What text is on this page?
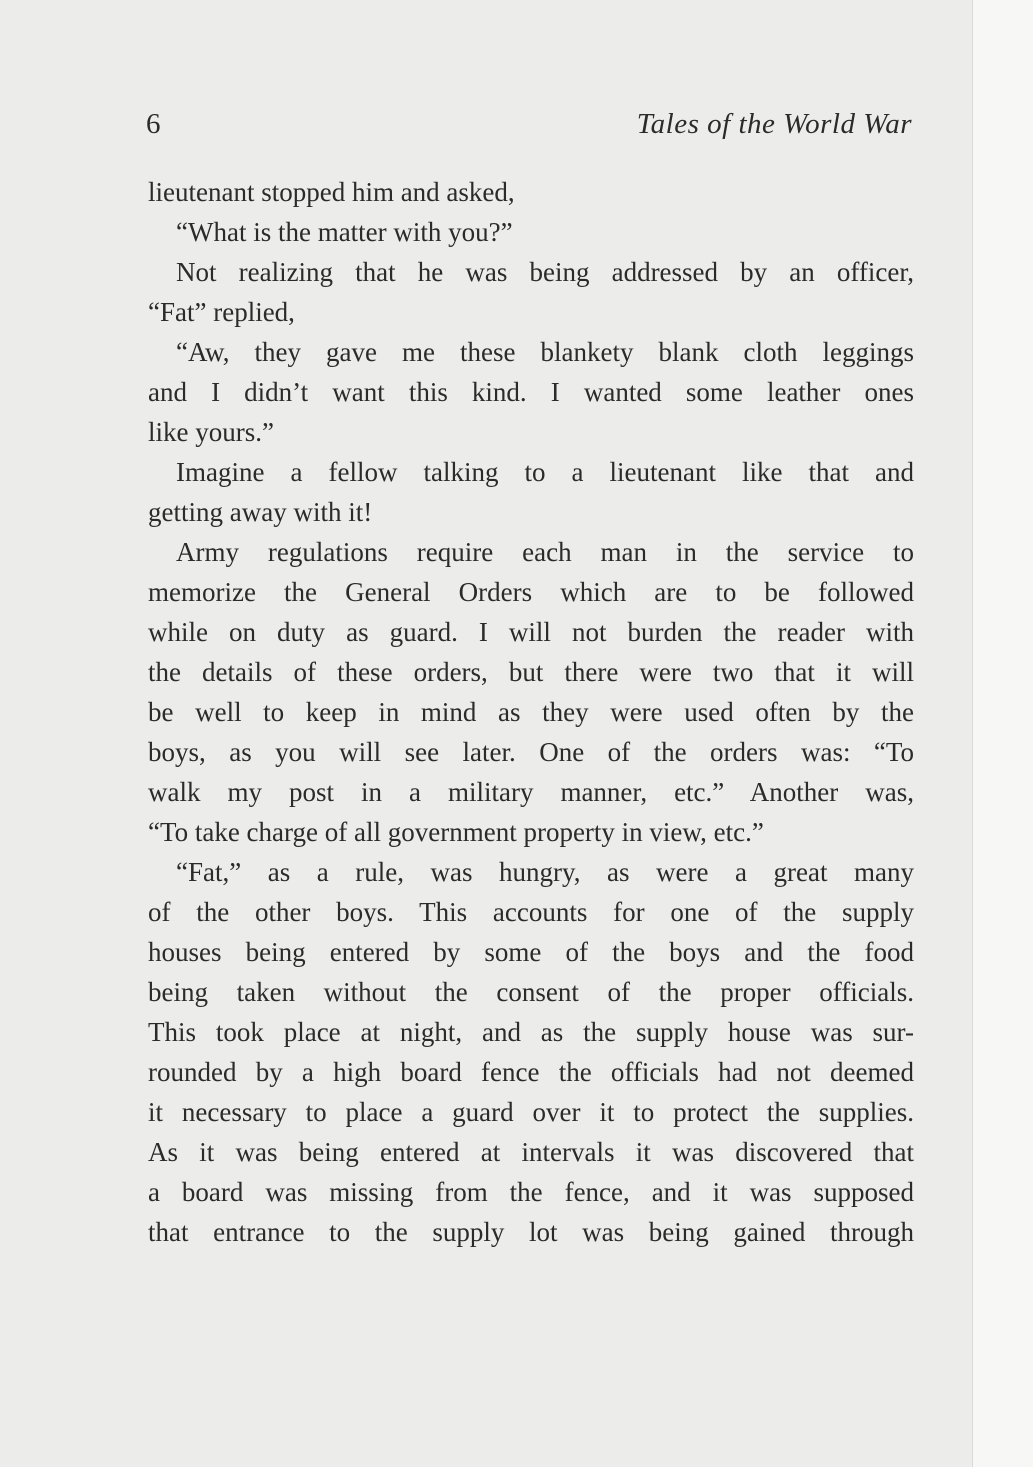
6	Tales of the World War
lieutenant stopped him and asked,
“What is the matter with you?”
Not realizing that he was being addressed by an officer,
“Fat” replied,
“Aw, they gave me these blankety blank cloth leggings
and I didn’t want this kind. I wanted some leather ones
like yours.”
Imagine a fellow talking to a lieutenant like that and
getting away with it!
Army regulations require each man in the service to
memorize the General Orders which are to be followed
while on duty as guard. I will not burden the reader with
the details of these orders, but there were two that it will
be well to keep in mind as they were used often by the
boys, as you will see later. One of the orders was: “To
walk my post in a military manner, etc.” Another was,
“To take charge of all government property in view, etc.”
“Fat,” as a rule, was hungry, as were a great many
of the other boys. This accounts for one of the supply
houses being entered by some of the boys and the food
being taken without the consent of the proper officials.
This took place at night, and as the supply house was sur-
rounded by a high board fence the officials had not deemed
it necessary to place a guard over it to protect the supplies.
As it was being entered at intervals it was discovered that
a board was missing from the fence, and it was supposed
that entrance to the supply lot was being gained through
